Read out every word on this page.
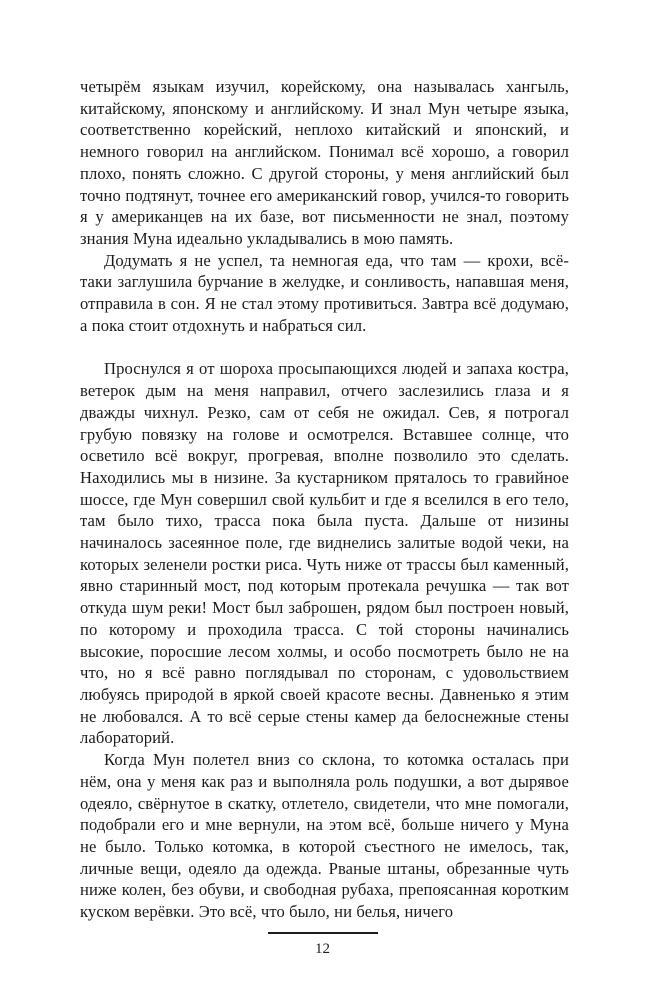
четырём языкам изучил, корейскому, она называлась хангыль, китайскому, японскому и английскому. И знал Мун четыре языка, соответственно корейский, неплохо китайский и японский, и немного говорил на английском. Понимал всё хорошо, а говорил плохо, понять сложно. С другой стороны, у меня английский был точно подтянут, точнее его американский говор, учился-то говорить я у американцев на их базе, вот письменности не знал, поэтому знания Муна идеально укладывались в мою память.

Додумать я не успел, та немногая еда, что там — крохи, всё-таки заглушила бурчание в желудке, и сонливость, напавшая меня, отправила в сон. Я не стал этому противиться. Завтра всё додумаю, а пока стоит отдохнуть и набраться сил.

Проснулся я от шороха просыпающихся людей и запаха костра, ветерок дым на меня направил, отчего заслезились глаза и я дважды чихнул. Резко, сам от себя не ожидал. Сев, я потрогал грубую повязку на голове и осмотрелся. Вставшее солнце, что осветило всё вокруг, прогревая, вполне позволило это сделать. Находились мы в низине. За кустарником пряталось то гравийное шоссе, где Мун совершил свой кульбит и где я вселился в его тело, там было тихо, трасса пока была пуста. Дальше от низины начиналось засеянное поле, где виднелись залитые водой чеки, на которых зеленели ростки риса. Чуть ниже от трассы был каменный, явно старинный мост, под которым протекала речушка — так вот откуда шум реки! Мост был заброшен, рядом был построен новый, по которому и проходила трасса. С той стороны начинались высокие, поросшие лесом холмы, и особо посмотреть было не на что, но я всё равно поглядывал по сторонам, с удовольствием любуясь природой в яркой своей красоте весны. Давненько я этим не любовался. А то всё серые стены камер да белоснежные стены лабораторий.

Когда Мун полетел вниз со склона, то котомка осталась при нём, она у меня как раз и выполняла роль подушки, а вот дырявое одеяло, свёрнутое в скатку, отлетело, свидетели, что мне помогали, подобрали его и мне вернули, на этом всё, больше ничего у Муна не было. Только котомка, в которой съестного не имелось, так, личные вещи, одеяло да одежда. Рваные штаны, обрезанные чуть ниже колен, без обуви, и свободная рубаха, препоясанная коротким куском верёвки. Это всё, что было, ни белья, ничего

12
